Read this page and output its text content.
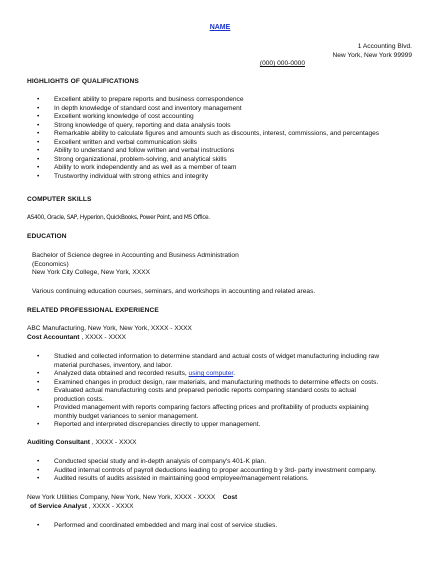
NAME
1 Accounting Blvd.
New York, New York 99999
(000) 000-0000
HIGHLIGHTS OF QUALIFICATIONS
• Excellent ability to prepare reports and business correspondence
• In depth knowledge of standard cost and inventory management
• Excellent working knowledge of cost accounting
• Strong knowledge of query, reporting and data analysis tools
• Remarkable ability to calculate figures and amounts such as discounts, interest, commissions, and percentages
• Excellent written and verbal communication skills
• Ability to understand and follow written and verbal instructions
• Strong organizational, problem-solving, and analytical skills
• Ability to work independently and as well as a member of team
• Trustworthy individual with strong ethics and integrity
COMPUTER SKILLS
AS400, Oracle, SAP, Hyperion, QuickBooks, Power Point, and MS Office.
EDUCATION
Bachelor of Science degree in Accounting and Business Administration
(Economics)
New York City College, New York, XXXX
Various continuing education courses, seminars, and workshops in accounting and related areas.
RELATED PROFESSIONAL EXPERIENCE
ABC Manufacturing, New York, New York, XXXX - XXXX
Cost Accountant , XXXX - XXXX
• Studied and collected information to determine standard and actual costs of widget manufacturing including raw
material purchases, inventory, and labor.
• Analyzed data obtained and recorded results, using computer.
• Examined changes in product design, raw materials, and manufacturing methods to determine effects on costs.
• Evaluated actual manufacturing costs and prepared periodic reports comparing standard costs to actual
production costs.
• Provided management with reports comparing factors affecting prices and profitability of products explaining
monthly budget variances to senior management.
• Reported and interpreted discrepancies directly to upper management.
Auditing Consultant , XXXX - XXXX
• Conducted special study and in-depth analysis of company's 401-K plan.
• Audited internal controls of payroll deductions leading to proper accounting b y 3rd- party investment company.
• Audited results of audits assisted in maintaining good employee/management relations.
New York Utilities Company, New York, New York, XXXX - XXXX Cost
of Service Analyst , XXXX - XXXX
• Performed and coordinated embedded and marg inal cost of service studies.
